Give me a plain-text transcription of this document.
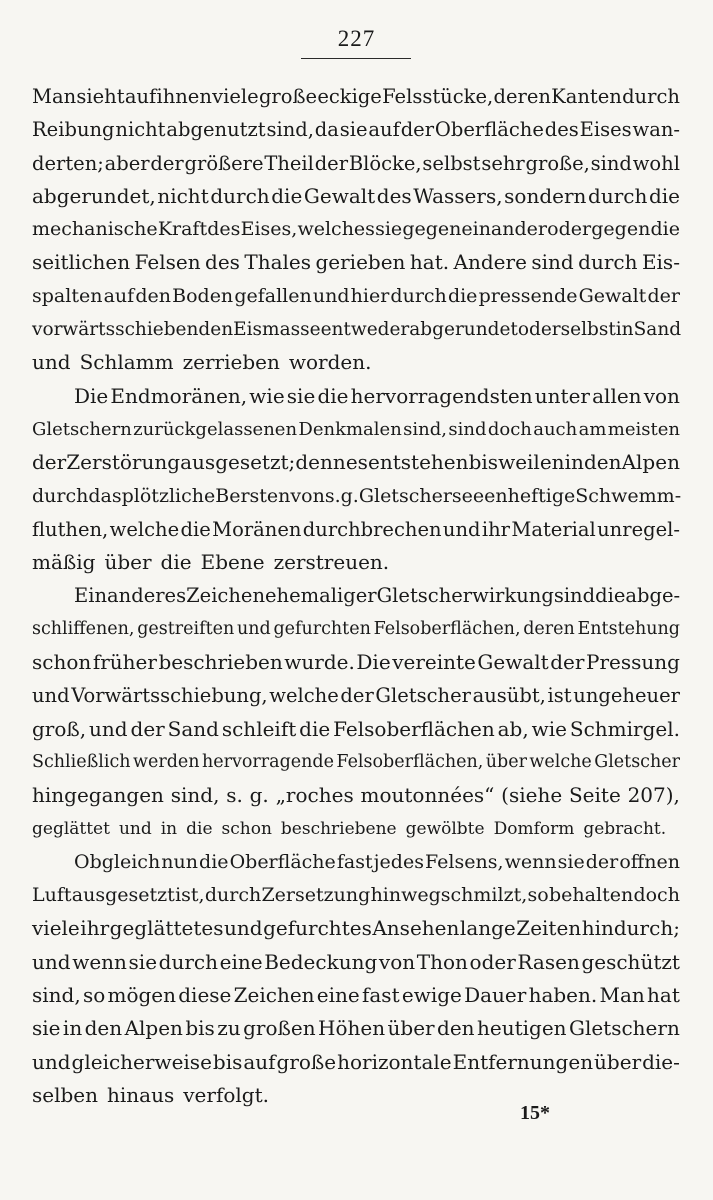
227
Man sieht auf ihnen viele große eckige Felsstücke, deren Kanten durch
Reibung nicht abgenutzt sind, da sie auf der Oberfläche des Eises wan-
derten; aber der größere Theil der Blöcke, selbst sehr große, sind wohl
abgerundet, nicht durch die Gewalt des Wassers, sondern durch die
mechanische Kraft des Eises, welches sie gegeneinander oder gegen die
seitlichen Felsen des Thales gerieben hat. Andere sind durch Eis-
spalten auf den Boden gefallen und hier durch die pressende Gewalt der
vorwärts schiebenden Eismasse entweder abgerundet oder selbst in Sand
und Schlamm zerrieben worden.
Die Endmoränen, wie sie die hervorragendsten unter allen von
Gletschern zurückgelassenen Denkmalen sind, sind doch auch am meisten
der Zerstörung ausgesetzt; denn es entstehen bisweilen in den Alpen
durch das plötzliche Bersten von s. g. Gletscherseeen heftige Schwemm-
fluthen, welche die Moränen durchbrechen und ihr Material unregel-
mäßig über die Ebene zerstreuen.
Ein anderes Zeichen ehemaliger Gletscherwirkung sind die abge-
schliffenen, gestreiften und gefurchten Felsoberflächen, deren Entstehung
schon früher beschrieben wurde. Die vereinte Gewalt der Pressung
und Vorwärtsschiebung, welche der Gletscher ausübt, ist ungeheuer
groß, und der Sand schleift die Felsoberflächen ab, wie Schmirgel.
Schließlich werden hervorragende Felsoberflächen, über welche Gletscher
hingegangen sind, s. g. „roches moutonnées“ (siehe Seite 207),
geglättet und in die schon beschriebene gewölbte Domform gebracht.
Obgleich nun die Oberfläche fast jedes Felsens, wenn sie der offnen
Luft ausgesetzt ist, durch Zersetzung hinwegschmilzt, so behalten doch
viele ihr geglättetes und gefurchtes Ansehen lange Zeiten hindurch;
und wenn sie durch eine Bedeckung von Thon oder Rasen geschützt
sind, so mögen diese Zeichen eine fast ewige Dauer haben. Man hat
sie in den Alpen bis zu großen Höhen über den heutigen Gletschern
und gleicherweise bis auf große horizontale Entfernungen über die-
selben hinaus verfolgt.
15*
